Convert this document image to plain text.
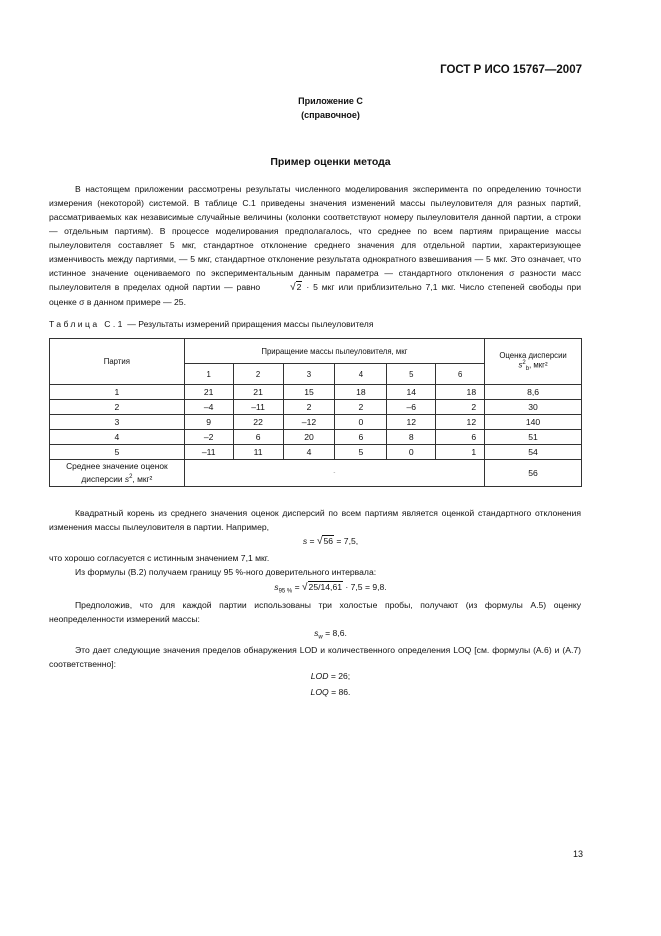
ГОСТ Р ИСО 15767—2007
Приложение С
(справочное)
Пример оценки метода
В настоящем приложении рассмотрены результаты численного моделирования эксперимента по определению точности измерения (некоторой) системой. В таблице С.1 приведены значения изменений массы пылеуловителя для разных партий, рассматриваемых как независимые случайные величины (колонки соответствуют номеру пылеуловителя данной партии, а строки — отдельным партиям). В процессе моделирования предполагалось, что среднее по всем партиям приращение массы пылеуловителя составляет 5 мкг, стандартное отклонение среднего значения для отдельной партии, характеризующее изменчивость между партиями, — 5 мкг, стандартное отклонение результата однократного взвешивания — 5 мкг. Это означает, что истинное значение оцениваемого по экспериментальным данным параметра — стандартного отклонения σ разности масс пылеуловителя в пределах одной партии — равно	√2 · 5 мкг или приблизительно 7,1 мкг. Число степеней свободы при оценке σ в данном примере — 25.
Таблица С.1 — Результаты измерений приращения массы пылеуловителя
Партия	Приращение массы пылеуловителя, мкг						Оценка дисперсии
$s^2_b$, мкг²

	1	2	3	4	5	6	
1	21	21	15	18	14	18	8,6
2	–4	–11	2	2	–6	2	30
3	9	22	–12	0	12	12	140
4	–2	6	20	6	8	6	51
5	–11	11	4	5	0	1	54

Среднее значение оценок
дисперсии $s^2$, мкг²	-						56
Квадратный корень из среднего значения оценок дисперсий по всем партиям является оценкой стандартного отклонения изменения массы пылеуловителя в партии. Например,
s = √56 = 7,5,
что хорошо согласуется с истинным значением 7,1 мкг.
Из формулы (В.2) получаем границу 95 %-ного доверительного интервала:
$s_{95 \%} = √25/14,61 \cdot 7,5 = 9,8$.
Предположив, что для каждой партии использованы три холостые пробы, получают (из формулы А.5) оценку неопределенности измерений массы:
$s_w = 8,6$.
Это дает следующие значения пределов обнаружения LOD и количественного определения LOQ [см. формулы (А.6) и (А.7) соответственно]:
LOD = 26;
LOQ = 86.
13
